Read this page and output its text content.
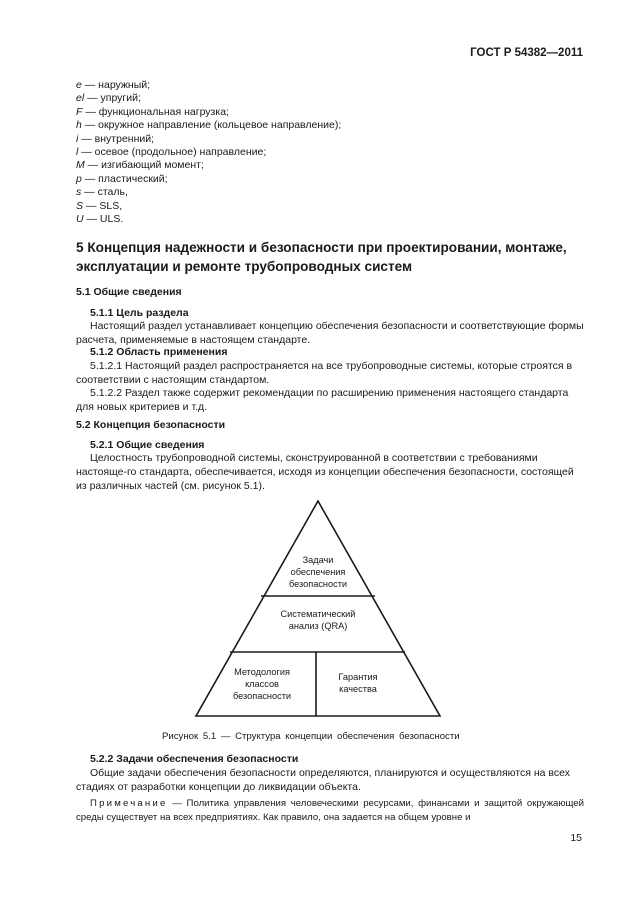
ГОСТ Р 54382—2011
e — наружный;
el — упругий;
F — функциональная нагрузка;
h — окружное направление (кольцевое направление);
i — внутренний;
l — осевое (продольное) направление;
M — изгибающий момент;
p — пластический;
s — сталь,
S — SLS,
U — ULS.
5 Концепция надежности и безопасности при проектировании, монтаже,
эксплуатации и ремонте трубопроводных систем
5.1 Общие сведения
5.1.1 Цель раздела
Настоящий раздел устанавливает концепцию обеспечения безопасности и соответствующие формы расчета, применяемые в настоящем стандарте.
5.1.2 Область применения
5.1.2.1 Настоящий раздел распространяется на все трубопроводные системы, которые строятся в соответствии с настоящим стандартом.
5.1.2.2 Раздел также содержит рекомендации по расширению применения настоящего стандарта для новых критериев и т.д.
5.2 Концепция безопасности
5.2.1 Общие сведения
Целостность трубопроводной системы, сконструированной в соответствии с требованиями настояще-го стандарта, обеспечивается, исходя из концепции обеспечения безопасности, состоящей из различных частей (см. рисунок 5.1).
Задачи
обеспечения
безопасности
Систематический
анализ (QRA)
Методология
классов
безопасности
Гарантия
качества
Рисунок 5.1 — Структура концепции обеспечения безопасности
5.2.2 Задачи обеспечения безопасности
Общие задачи обеспечения безопасности определяются, планируются и осуществляются на всех стадиях от разработки концепции до ликвидации объекта.
Примечание — Политика управления человеческими ресурсами, финансами и защитой окружающей среды существует на всех предприятиях. Как правило, она задается на общем уровне и
15
